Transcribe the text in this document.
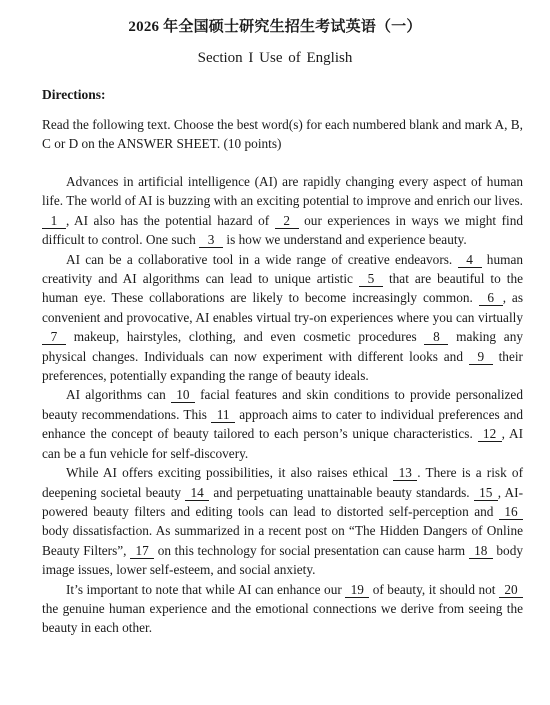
2026 年全国硕士研究生招生考试英语（一）
Section I Use of English
Directions:
Read the following text. Choose the best word(s) for each numbered blank and mark A, B, C or D on the ANSWER SHEET. (10 points)

Advances in artificial intelligence (AI) are rapidly changing every aspect of human life. The world of AI is buzzing with an exciting potential to improve and enrich our lives. 1 , AI also has the potential hazard of 2 our experiences in ways we might find difficult to control. One such 3 is how we understand and experience beauty.

AI can be a collaborative tool in a wide range of creative endeavors. 4 human creativity and AI algorithms can lead to unique artistic 5 that are beautiful to the human eye. These collaborations are likely to become increasingly common. 6 , as convenient and provocative, AI enables virtual try-on experiences where you can virtually 7 makeup, hairstyles, clothing, and even cosmetic procedures 8 making any physical changes. Individuals can now experiment with different looks and 9 their preferences, potentially expanding the range of beauty ideals.

AI algorithms can 10 facial features and skin conditions to provide personalized beauty recommendations. This 11 approach aims to cater to individual preferences and enhance the concept of beauty tailored to each person’s unique characteristics. 12 , AI can be a fun vehicle for self-discovery.

While AI offers exciting possibilities, it also raises ethical 13 . There is a risk of deepening societal beauty 14 and perpetuating unattainable beauty standards. 15 , AI-powered beauty filters and editing tools can lead to distorted self-perception and 16 body dissatisfaction. As summarized in a recent post on “The Hidden Dangers of Online Beauty Filters”, 17 on this technology for social presentation can cause harm 18 body image issues, lower self-esteem, and social anxiety.

It’s important to note that while AI can enhance our 19 of beauty, it should not 20 the genuine human experience and the emotional connections we derive from seeing the beauty in each other.
